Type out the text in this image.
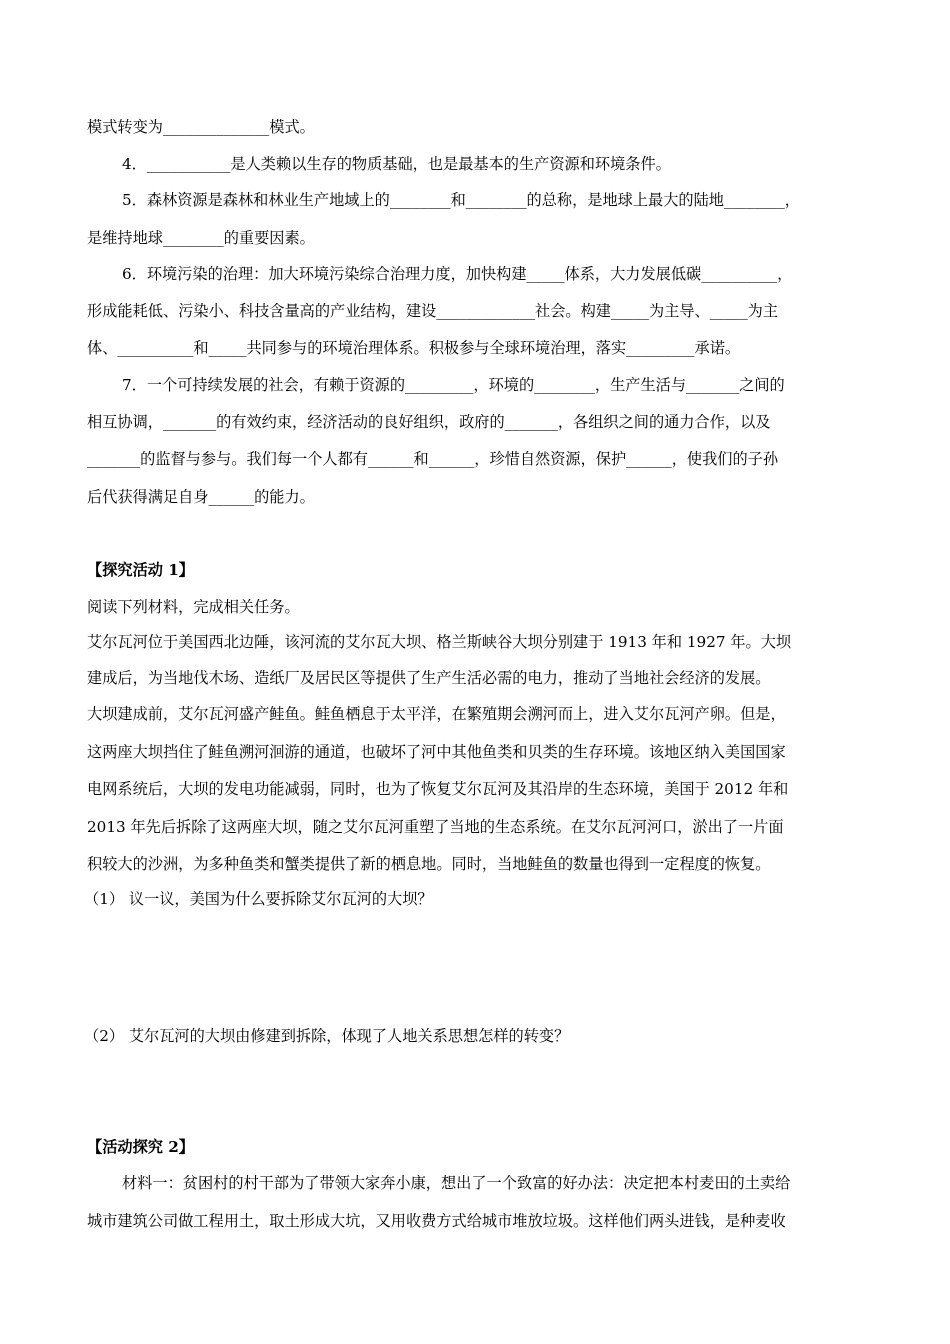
模式转变为______________模式。
4．___________是人类赖以生存的物质基础，也是最基本的生产资源和环境条件。
5．森林资源是森林和林业生产地域上的________和________的总称，是地球上最大的陆地________，
是维持地球________的重要因素。
6．环境污染的治理：加大环境污染综合治理力度，加快构建_____体系，大力发展低碳__________，
形成能耗低、污染小、科技含量高的产业结构，建设_____________社会。构建_____为主导、_____为主
体、__________和_____共同参与的环境治理体系。积极参与全球环境治理，落实_________承诺。
7．一个可持续发展的社会，有赖于资源的_________，环境的________，生产生活与_______之间的
相互协调，_______的有效约束，经济活动的良好组织，政府的_______，各组织之间的通力合作，以及
_______的监督与参与。我们每一个人都有______和______，珍惜自然资源，保护______，使我们的子孙
后代获得满足自身______的能力。
【探究活动 1】
阅读下列材料，完成相关任务。
艾尔瓦河位于美国西北边陲，该河流的艾尔瓦大坝、格兰斯峡谷大坝分别建于 1913 年和 1927 年。大坝
建成后，为当地伐木场、造纸厂及居民区等提供了生产生活必需的电力，推动了当地社会经济的发展。
大坝建成前，艾尔瓦河盛产鲑鱼。鲑鱼栖息于太平洋，在繁殖期会溯河而上，进入艾尔瓦河产卵。但是，
这两座大坝挡住了鲑鱼溯河洄游的通道，也破坏了河中其他鱼类和贝类的生存环境。该地区纳入美国国家
电网系统后，大坝的发电功能减弱，同时，也为了恢复艾尔瓦河及其沿岸的生态环境，美国于 2012 年和
2013 年先后拆除了这两座大坝，随之艾尔瓦河重塑了当地的生态系统。在艾尔瓦河河口，淤出了一片面
积较大的沙洲，为多种鱼类和蟹类提供了新的栖息地。同时，当地鲑鱼的数量也得到一定程度的恢复。
（1） 议一议，美国为什么要拆除艾尔瓦河的大坝？
（2） 艾尔瓦河的大坝由修建到拆除，体现了人地关系思想怎样的转变？
【活动探究 2】
材料一：贫困村的村干部为了带领大家奔小康，想出了一个致富的好办法：决定把本村麦田的土卖给
城市建筑公司做工程用土，取土形成大坑，又用收费方式给城市堆放垃圾。这样他们两头进钱，是种麦收
